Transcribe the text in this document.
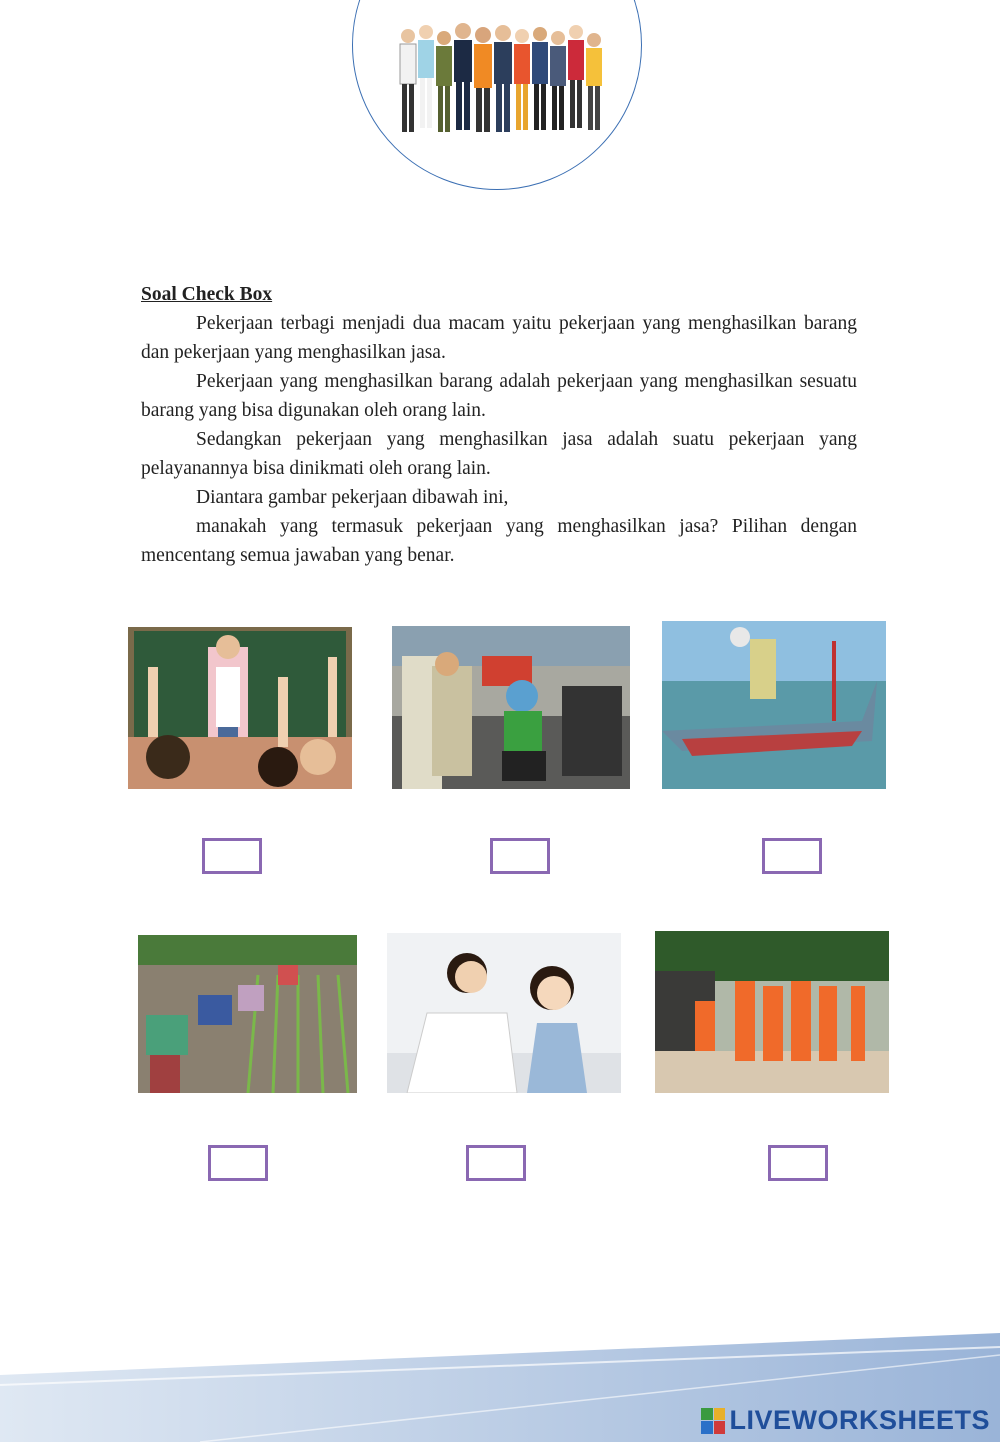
Soal Check Box

Pekerjaan terbagi menjadi dua macam yaitu pekerjaan yang menghasilkan barang dan pekerjaan yang menghasilkan jasa.

Pekerjaan yang menghasilkan barang adalah pekerjaan yang menghasilkan sesuatu barang yang bisa digunakan oleh orang lain.

Sedangkan pekerjaan yang menghasilkan jasa adalah suatu pekerjaan yang pelayanannya bisa dinikmati oleh orang lain.

Diantara gambar pekerjaan dibawah ini,

manakah yang termasuk pekerjaan yang menghasilkan jasa? Pilihan dengan mencentang semua jawaban yang benar.

LIVEWORKSHEETS
